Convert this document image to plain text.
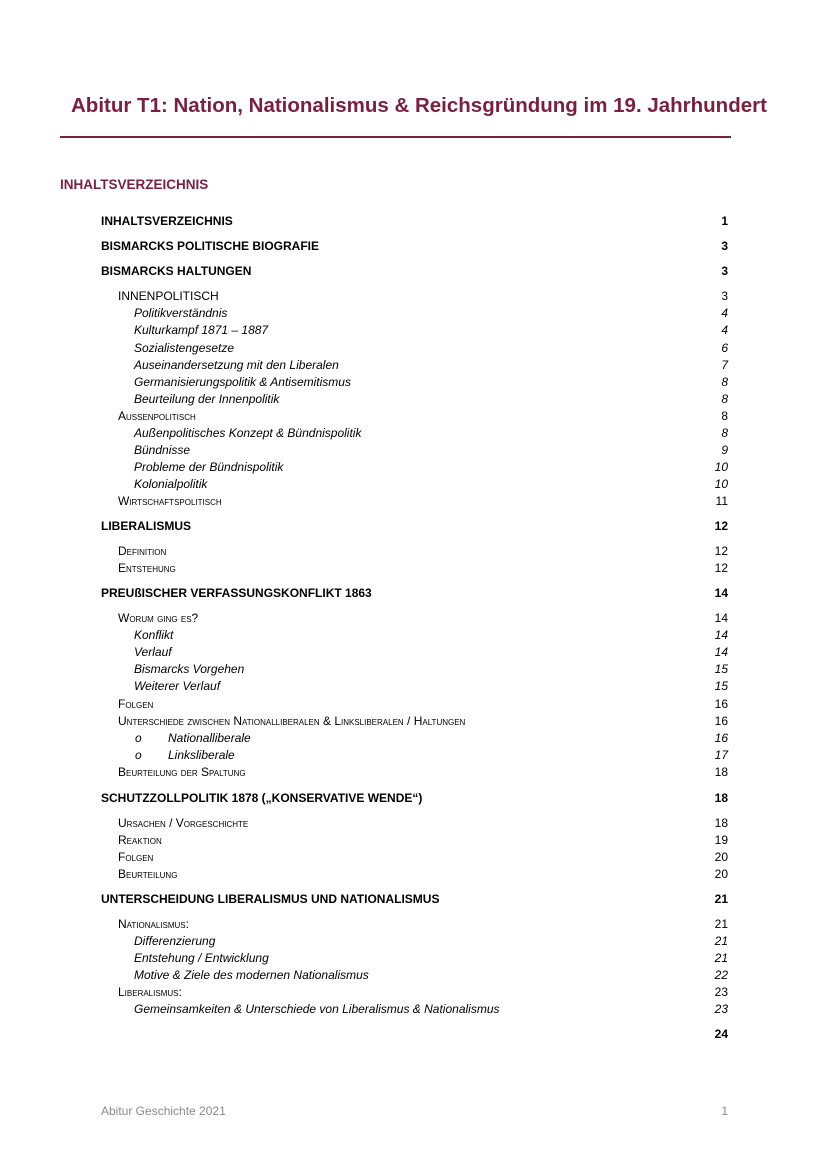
Abitur T1: Nation, Nationalismus & Reichsgründung im 19. Jahrhundert
INHALTSVERZEICHNIS
INHALTSVERZEICHNIS	1
BISMARCKS POLITISCHE BIOGRAFIE	3
BISMARCKS HALTUNGEN	3
INNENPOLITISCH	3
Politikverständnis	4
Kulturkampf 1871 – 1887	4
Sozialistengesetze	6
Auseinandersetzung mit den Liberalen	7
Germanisierungspolitik & Antisemitismus	8
Beurteilung der Innenpolitik	8
Außenpolitisch	8
Außenpolitisches Konzept & Bündnispolitik	8
Bündnisse	9
Probleme der Bündnispolitik	10
Kolonialpolitik	10
Wirtschaftspolitisch	11
LIBERALISMUS	12
Definition	12
Entstehung	12
PREUßISCHER VERFASSUNGSKONFLIKT 1863	14
Worum ging es?	14
Konflikt	14
Verlauf	14
Bismarcks Vorgehen	15
Weiterer Verlauf	15
Folgen	16
Unterschiede zwischen Nationalliberalen & Linksliberalen / Haltungen	16
o Nationalliberale	16
o Linksliberale	17
Beurteilung der Spaltung	18
SCHUTZZOLLPOLITIK 1878 („KONSERVATIVE WENDE“)	18
Ursachen / Vorgeschichte	18
Reaktion	19
Folgen	20
Beurteilung	20
UNTERSCHEIDUNG LIBERALISMUS UND NATIONALISMUS	21
Nationalismus:	21
Differenzierung	21
Entstehung / Entwicklung	21
Motive & Ziele des modernen Nationalismus	22
Liberalismus:	23
Gemeinsamkeiten & Unterschiede von Liberalismus & Nationalismus	23
24
Abitur Geschichte 2021	1
